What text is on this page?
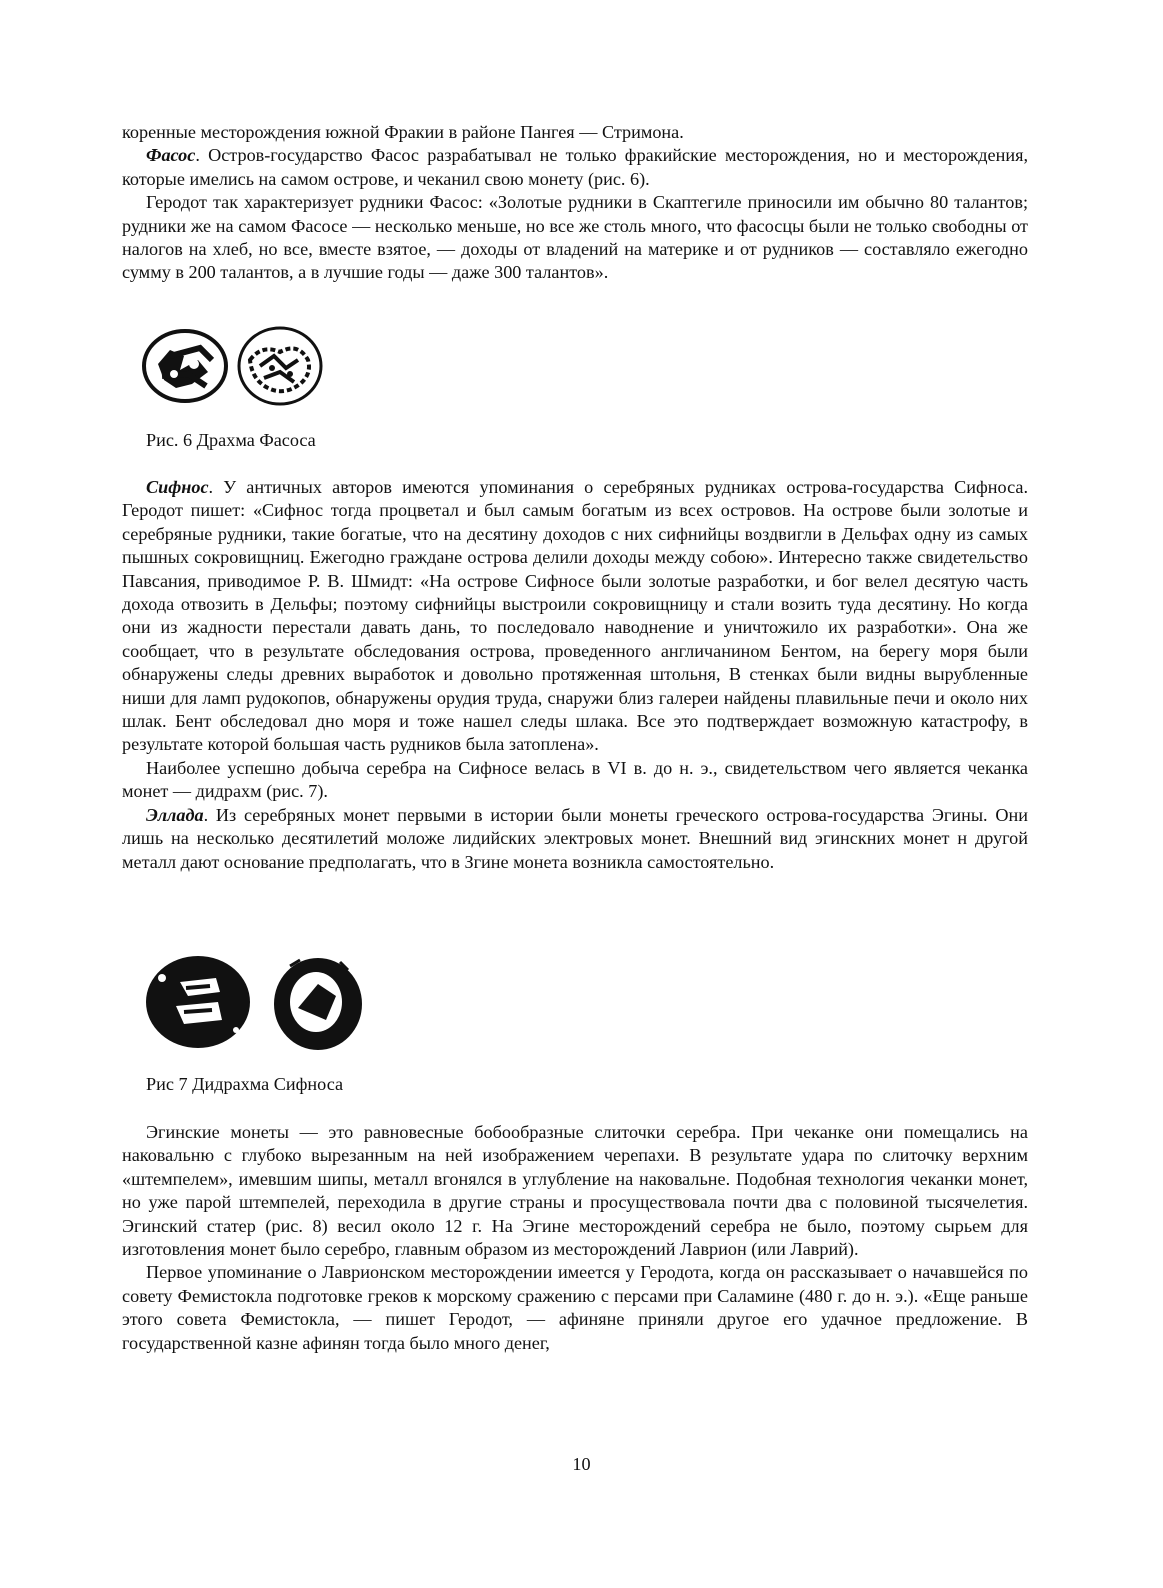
коренные месторождения южной Фракии в районе Пангея — Стримона.

Фасос. Остров-государство Фасос разрабатывал не только фракийские месторождения, но и месторождения, которые имелись на самом острове, и чеканил свою монету (рис. 6).

Геродот так характеризует рудники Фасос: «Золотые рудники в Скаптегиле приносили им обычно 80 талантов; рудники же на самом Фасосе — несколько меньше, но все же столь много, что фасосцы были не только свободны от налогов на хлеб, но все, вместе взятое, — доходы от владений на материке и от рудников — составляло ежегодно сумму в 200 талантов, а в лучшие годы — даже 300 талантов».

Рис. 6 Драхма Фасоса

Сифнос. У античных авторов имеются упоминания о серебряных рудниках острова-государства Сифноса. Геродот пишет: «Сифнос тогда процветал и был самым богатым из всех островов. На острове были золотые и серебряные рудники, такие богатые, что на десятину доходов с них сифнийцы воздвигли в Дельфах одну из самых пышных сокровищниц. Ежегодно граждане острова делили доходы между собою». Интересно также свидетельство Павсания, приводимое Р. В. Шмидт: «На острове Сифносе были золотые разработки, и бог велел десятую часть дохода отвозить в Дельфы; поэтому сифнийцы выстроили сокровищницу и стали возить туда десятину. Но когда они из жадности перестали давать дань, то последовало наводнение и уничтожило их разработки». Она же сообщает, что в результате обследования острова, проведенного англичанином Бентом, на берегу моря были обнаружены следы древних выработок и довольно протяженная штольня, В стенках были видны вырубленные ниши для ламп рудокопов, обнаружены орудия труда, снаружи близ галереи найдены плавильные печи и около них шлак. Бент обследовал дно моря и тоже нашел следы шлака. Все это подтверждает возможную катастрофу, в результате которой большая часть рудников была затоплена».

Наиболее успешно добыча серебра на Сифносе велась в VI в. до н. э., свидетельством чего является чеканка монет — дидрахм (рис. 7).

Эллада. Из серебряных монет первыми в истории были монеты греческого острова-государства Эгины. Они лишь на несколько десятилетий моложе лидийских электровых монет. Внешний вид эгинскних монет н другой металл дают основание предполагать, что в Згине монета возникла самостоятельно.

Рис 7 Дидрахма Сифноса

Эгинские монеты — это равновесные бобообразные слиточки серебра. При чеканке они помещались на наковальню с глубоко вырезанным на ней изображением черепахи. В результате удара по слиточку верхним «штемпелем», имевшим шипы, металл вгонялся в углубление на наковальне. Подобная технология чеканки монет, но уже парой штемпелей, переходила в другие страны и просуществовала почти два с половиной тысячелетия. Эгинский статер (рис. 8) весил около 12 г. На Эгине месторождений серебра не было, поэтому сырьем для изготовления монет было серебро, главным образом из месторождений Лаврион (или Лаврий).

Первое упоминание о Лаврионском месторождении имеется у Геродота, когда он рассказывает о начавшейся по совету Фемистокла подготовке греков к морскому сражению с персами при Саламине (480 г. до н. э.). «Еще раньше этого совета Фемистокла, — пишет Геродот, — афиняне приняли другое его удачное предложение. В государственной казне афинян тогда было много денег,

10
